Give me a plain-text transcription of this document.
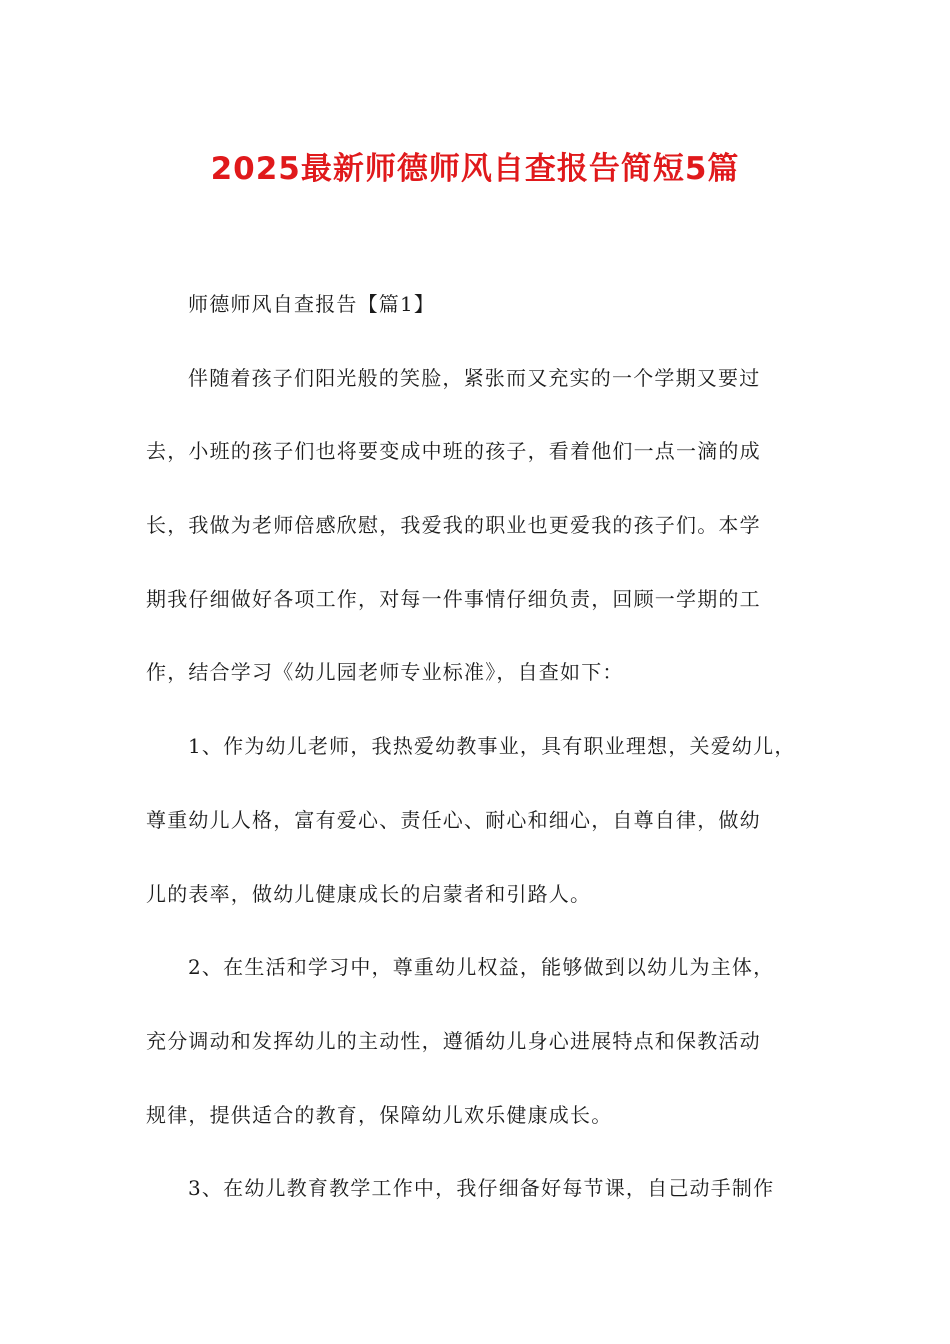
2025最新师德师风自查报告简短5篇
师德师风自查报告【篇1】
伴随着孩子们阳光般的笑脸，紧张而又充实的一个学期又要过
去，小班的孩子们也将要变成中班的孩子，看着他们一点一滴的成
长，我做为老师倍感欣慰，我爱我的职业也更爱我的孩子们。本学
期我仔细做好各项工作，对每一件事情仔细负责，回顾一学期的工
作，结合学习《幼儿园老师专业标准》，自查如下：
1、作为幼儿老师，我热爱幼教事业，具有职业理想，关爱幼儿，
尊重幼儿人格，富有爱心、责任心、耐心和细心，自尊自律，做幼
儿的表率，做幼儿健康成长的启蒙者和引路人。
2、在生活和学习中，尊重幼儿权益，能够做到以幼儿为主体，
充分调动和发挥幼儿的主动性，遵循幼儿身心进展特点和保教活动
规律，提供适合的教育，保障幼儿欢乐健康成长。
3、在幼儿教育教学工作中，我仔细备好每节课，自己动手制作
